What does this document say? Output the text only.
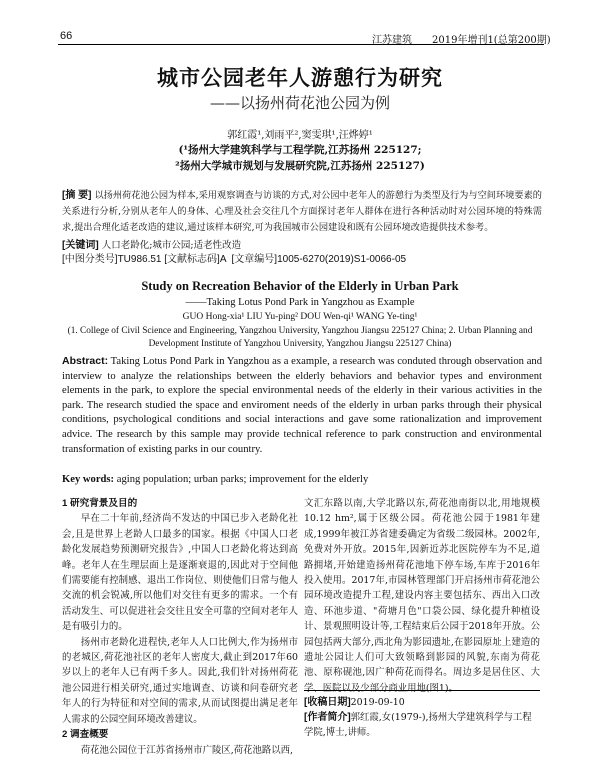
66	江苏建筑 2019年增刊1(总第200期)
城市公园老年人游憩行为研究
——以扬州荷花池公园为例
郭红霞¹,刘雨平²,窦雯琪¹,汪烨婷¹
(¹扬州大学建筑科学与工程学院,江苏扬州 225127;
²扬州大学城市规划与发展研究院,江苏扬州 225127)
[摘 要] 以扬州荷花池公园为样本,采用观察调查与访谈的方式,对公园中老年人的游憩行为类型及行为与空间环境要素的关系进行分析,分别从老年人的身体、心理及社会交往几个方面探讨老年人群体在进行各种活动时对公园环境的特殊需求,提出合理化适老改造的建议,通过该样本研究,可为我国城市公园建设和既有公园环境改造提供技术参考。
[关键词] 人口老龄化;城市公园;适老性改造
[中图分类号]TU986.51 [文献标志码]A [文章编号]1005-6270(2019)S1-0066-05
Study on Recreation Behavior of the Elderly in Urban Park
——Taking Lotus Pond Park in Yangzhou as Example
GUO Hong-xia¹ LIU Yu-ping² DOU Wen-qi¹ WANG Ye-ting¹
(1. College of Civil Science and Engineering, Yangzhou University, Yangzhou Jiangsu 225127 China; 2. Urban Planning and
Development Institute of Yangzhou University, Yangzhou Jiangsu 225127 China)
Abstract: Taking Lotus Pond Park in Yangzhou as a example, a research was conduted through observation and interview to analyze the relationships between the elderly behaviors and behavior types and environment elements in the park, to explore the special environmental needs of the elderly in their various activities in the park. The research studied the space and enviroment needs of the elderly in urban parks through their physical conditions, psychological conditions and social interactions and gave some rationalization and improvement advice. The research by this sample may provide technical reference to park construction and environmental transformation of existing parks in our country.
Key words: aging population; urban parks; improvement for the elderly

1 研究背景及目的

早在二十年前,经济尚不发达的中国已步入老龄化社会,且是世界上老龄人口最多的国家。根据《中国人口老龄化发展趋势预测研究报告》,中国人口老龄化将达到高峰。老年人在生理层面上是逐渐衰退的,因此对于空间他们需要能有控制感、退出工作岗位、则使他们日常与他人交流的机会锐减,所以他们对交往有更多的需求。一个有活动发生、可以促进社会交往且安全可靠的空间对老年人是有吸引力的。

扬州市老龄化进程快,老年人人口比例大,作为扬州市的老城区,荷花池社区的老年人密度大,截止到2017年60岁以上的老年人已有两千多人。因此,我们针对扬州荷花池公园进行相关研究,通过实地调查、访谈和问卷研究老年人的行为特征和对空间的需求,从而试图提出满足老年人需求的公园空间环境改善建议。

2 调查概要

荷花池公园位于江苏省扬州市广陵区,荷花池路以西,

文汇东路以南,大学北路以东,荷花池南街以北,用地规模10.12 hm²,属于区级公园。荷花池公园于1981年建成,1999年被江苏省建委确定为省级二级园林。2002年,免费对外开放。2015年,因新近苏北医院停车为不足,道路拥堵,开始建造扬州荷花池地下停车场,车库于2016年投入使用。2017年,市园林管理部门开启扬州市荷花池公园环境改造提升工程,建设内容主要包括东、西出入口改造、环池步道、"荷塘月色"口袋公园、绿化提升种植设计、景观照明设计等,工程结束后公园于2018年开放。公园包括两大部分,西北角为影园遗址,在影园原址上建造的遗址公园让人们可大致领略到影园的风貌,东南为荷花池、原称砚池,因广种荷花而得名。周边多是居住区、大学、医院以及少部分商业用地(图1)。

[收稿日期]2019-09-10

[作者简介]郭红霞,女(1979-),扬州大学建筑科学与工程学院,博士,讲师。
